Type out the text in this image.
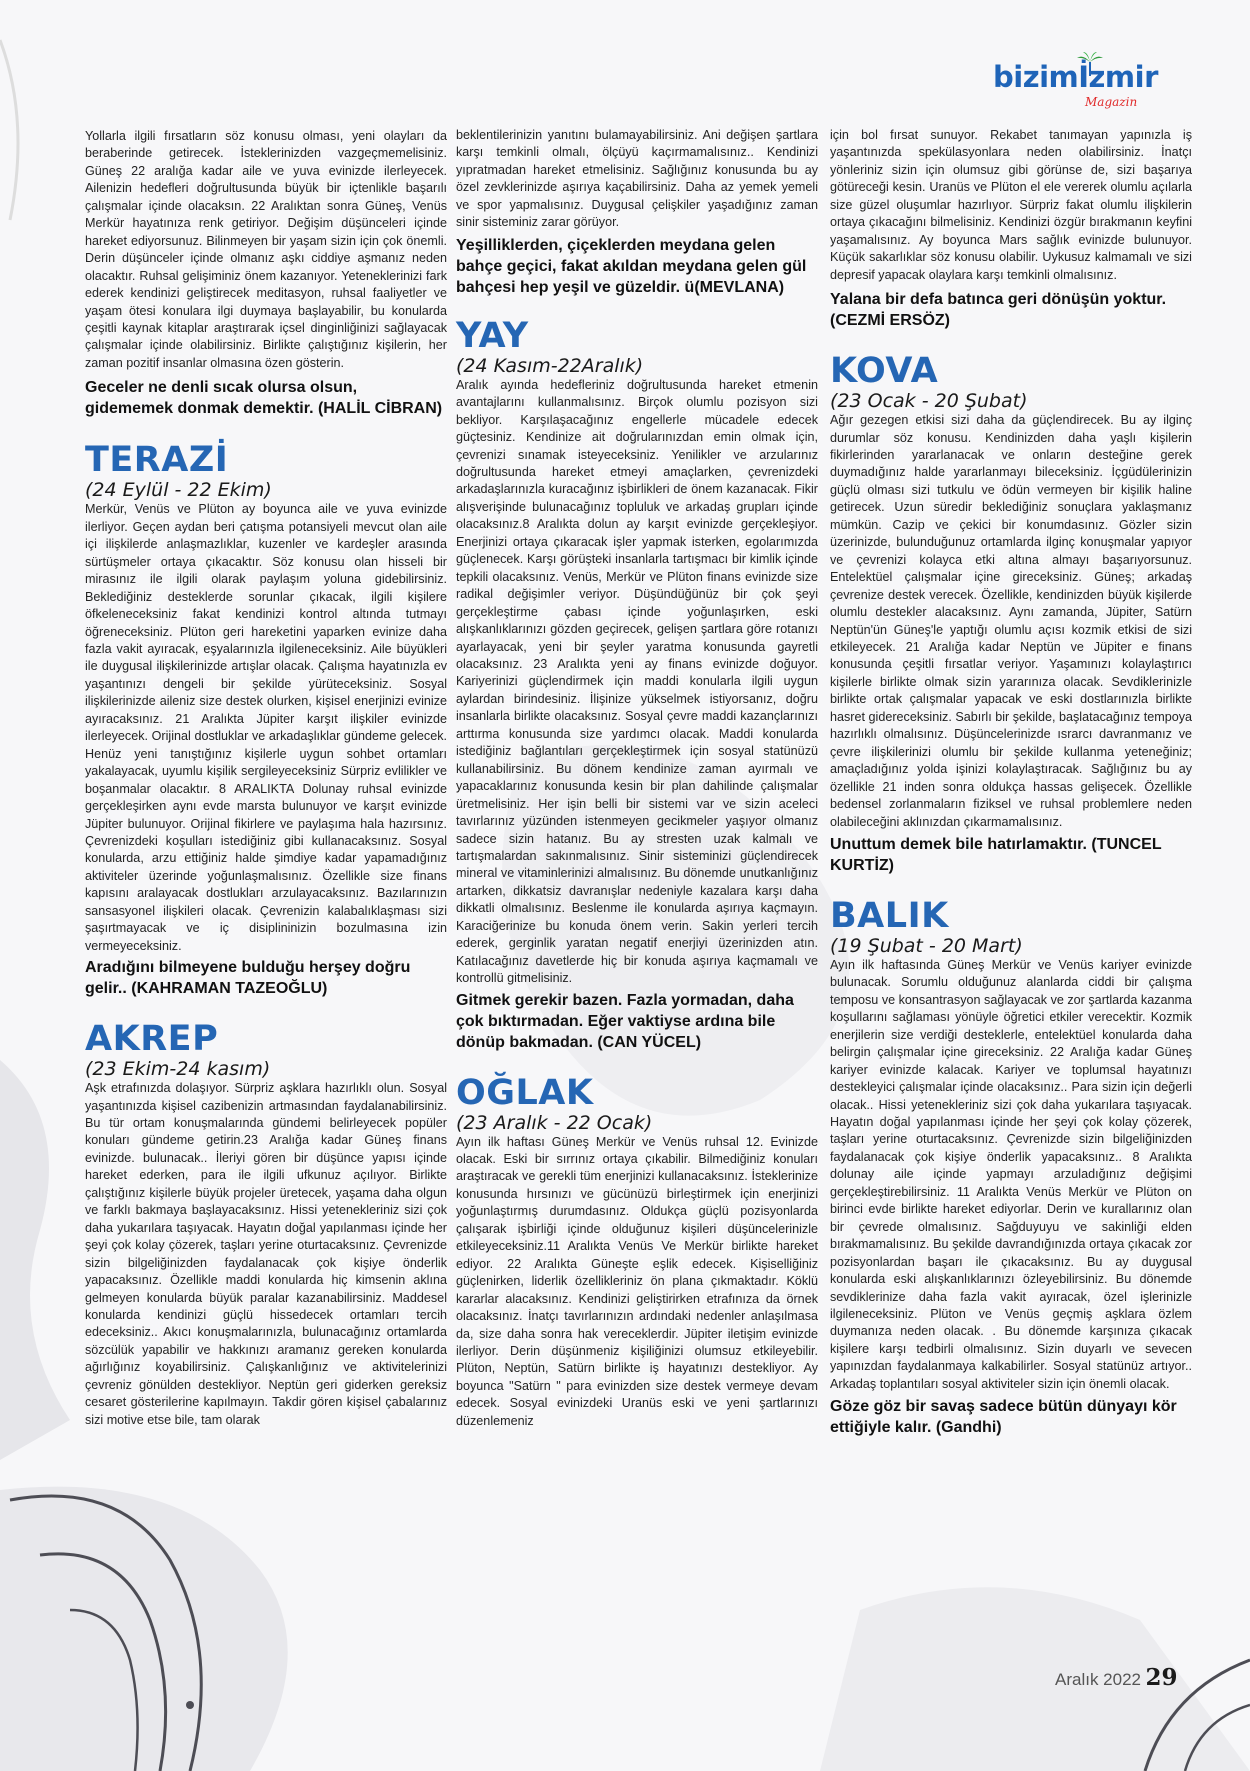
bizimİzmir
Magazin

Yollarla ilgili fırsatların söz konusu olması, yeni olayları da beraberinde getirecek. İsteklerinizden vazgeçmemelisiniz. Güneş 22 aralığa kadar aile ve yuva evinizde ilerleyecek. Ailenizin hedefleri doğrultusunda büyük bir içtenlikle başarılı çalışmalar içinde olacaksın. 22 Aralıktan sonra Güneş, Venüs Merkür hayatınıza renk getiriyor. Değişim düşünceleri içinde hareket ediyorsunuz. Bilinmeyen bir yaşam sizin için çok önemli. Derin düşünceler içinde olmanız aşkı ciddiye aşmanız neden olacaktır. Ruhsal gelişiminiz önem kazanıyor. Yeteneklerinizi fark ederek kendinizi geliştirecek meditasyon, ruhsal faaliyetler ve yaşam ötesi konulara ilgi duymaya başlayabilir, bu konularda çeşitli kaynak kitaplar araştırarak içsel dinginliğinizi sağlayacak çalışmalar içinde olabilirsiniz. Birlikte çalıştığınız kişilerin, her zaman pozitif insanlar olmasına özen gösterin.

Geceler ne denli sıcak olursa olsun, gidememek donmak demektir. (HALİL CİBRAN)

TERAZİ
(24 Eylül - 22 Ekim)

Merkür, Venüs ve Plüton ay boyunca aile ve yuva evinizde ilerliyor. Geçen aydan beri çatışma potansiyeli mevcut olan aile içi ilişkilerde anlaşmazlıklar, kuzenler ve kardeşler arasında sürtüşmeler ortaya çıkacaktır. Söz konusu olan hisseli bir mirasınız ile ilgili olarak paylaşım yoluna gidebilirsiniz. Beklediğiniz desteklerde sorunlar çıkacak, ilgili kişilere öfkeleneceksiniz fakat kendinizi kontrol altında tutmayı öğreneceksiniz. Plüton geri hareketini yaparken evinize daha fazla vakit ayıracak, eşyalarınızla ilgileneceksiniz. Aile büyükleri ile duygusal ilişkilerinizde artışlar olacak. Çalışma hayatınızla ev yaşantınızı dengeli bir şekilde yürüteceksiniz. Sosyal ilişkilerinizde aileniz size destek olurken, kişisel enerjinizi evinize ayıracaksınız. 21 Aralıkta Jüpiter karşıt ilişkiler evinizde ilerleyecek. Orijinal dostluklar ve arkadaşlıklar gündeme gelecek. Henüz yeni tanıştığınız kişilerle uygun sohbet ortamları yakalayacak, uyumlu kişilik sergileyeceksiniz Sürpriz evlilikler ve boşanmalar olacaktır. 8 ARALIKTA Dolunay ruhsal evinizde gerçekleşirken aynı evde marsta bulunuyor ve karşıt evinizde Jüpiter bulunuyor. Orijinal fikirlere ve paylaşıma hala hazırsınız. Çevrenizdeki koşulları istediğiniz gibi kullanacaksınız. Sosyal konularda, arzu ettiğiniz halde şimdiye kadar yapamadığınız aktiviteler üzerinde yoğunlaşmalısınız. Özellikle size finans kapısını aralayacak dostlukları arzulayacaksınız. Bazılarınızın sansasyonel ilişkileri olacak. Çevrenizin kalabalıklaşması sizi şaşırtmayacak ve iç disiplininizin bozulmasına izin vermeyeceksiniz.

Aradığını bilmeyene bulduğu herşey doğru gelir.. (KAHRAMAN TAZEOĞLU)

AKREP
(23 Ekim-24 kasım)

Aşk etrafınızda dolaşıyor. Sürpriz aşklara hazırlıklı olun. Sosyal yaşantınızda kişisel cazibenizin artmasından faydalanabilirsiniz. Bu tür ortam konuşmalarında gündemi belirleyecek popüler konuları gündeme getirin.23 Aralığa kadar Güneş finans evinizde. bulunacak.. İleriyi gören bir düşünce yapısı içinde hareket ederken, para ile ilgili ufkunuz açılıyor. Birlikte çalıştığınız kişilerle büyük projeler üretecek, yaşama daha olgun ve farklı bakmaya başlayacaksınız. Hissi yetenekleriniz sizi çok daha yukarılara taşıyacak. Hayatın doğal yapılanması içinde her şeyi çok kolay çözerek, taşları yerine oturtacaksınız. Çevrenizde sizin bilgeliğinizden faydalanacak çok kişiye önderlik yapacaksınız. Özellikle maddi konularda hiç kimsenin aklına gelmeyen konularda büyük paralar kazanabilirsiniz. Maddesel konularda kendinizi güçlü hissedecek ortamları tercih edeceksiniz.. Akıcı konuşmalarınızla, bulunacağınız ortamlarda sözcülük yapabilir ve hakkınızı aramanız gereken konularda ağırlığınız koyabilirsiniz. Çalışkanlığınız ve aktivitelerinizi çevreniz gönülden destekliyor. Neptün geri giderken gereksiz cesaret gösterilerine kapılmayın. Takdir gören kişisel çabalarınız sizi motive etse bile, tam olarak

beklentilerinizin yanıtını bulamayabilirsiniz. Ani değişen şartlara karşı temkinli olmalı, ölçüyü kaçırmamalısınız.. Kendinizi yıpratmadan hareket etmelisiniz. Sağlığınız konusunda bu ay özel zevklerinizde aşırıya kaçabilirsiniz. Daha az yemek yemeli ve spor yapmalısınız. Duygusal çelişkiler yaşadığınız zaman sinir sisteminiz zarar görüyor.

Yeşilliklerden, çiçeklerden meydana gelen bahçe geçici, fakat akıldan meydana gelen gül bahçesi hep yeşil ve güzeldir. ü(MEVLANA)

YAY
(24 Kasım-22Aralık)

Aralık ayında hedefleriniz doğrultusunda hareket etmenin avantajlarını kullanmalısınız. Birçok olumlu pozisyon sizi bekliyor. Karşılaşacağınız engellerle mücadele edecek güçtesiniz. Kendinize ait doğrularınızdan emin olmak için, çevrenizi sınamak isteyeceksiniz. Yenilikler ve arzularınız doğrultusunda hareket etmeyi amaçlarken, çevrenizdeki arkadaşlarınızla kuracağınız işbirlikleri de önem kazanacak. Fikir alışverişinde bulunacağınız topluluk ve arkadaş grupları içinde olacaksınız.8 Aralıkta dolun ay karşıt evinizde gerçekleşiyor. Enerjinizi ortaya çıkaracak işler yapmak isterken, egolarımızda güçlenecek. Karşı görüşteki insanlarla tartışmacı bir kimlik içinde tepkili olacaksınız. Venüs, Merkür ve Plüton finans evinizde size radikal değişimler veriyor. Düşündüğünüz bir çok şeyi gerçekleştirme çabası içinde yoğunlaşırken, eski alışkanlıklarınızı gözden geçirecek, gelişen şartlara göre rotanızı ayarlayacak, yeni bir şeyler yaratma konusunda gayretli olacaksınız. 23 Aralıkta yeni ay finans evinizde doğuyor. Kariyerinizi güçlendirmek için maddi konularla ilgili uygun aylardan birindesiniz. İlişinize yükselmek istiyorsanız, doğru insanlarla birlikte olacaksınız. Sosyal çevre maddi kazançlarınızı arttırma konusunda size yardımcı olacak. Maddi konularda istediğiniz bağlantıları gerçekleştirmek için sosyal statünüzü kullanabilirsiniz. Bu dönem kendinize zaman ayırmalı ve yapacaklarınız konusunda kesin bir plan dahilinde çalışmalar üretmelisiniz. Her işin belli bir sistemi var ve sizin aceleci tavırlarınız yüzünden istenmeyen gecikmeler yaşıyor olmanız sadece sizin hatanız. Bu ay stresten uzak kalmalı ve tartışmalardan sakınmalısınız. Sinir sisteminizi güçlendirecek mineral ve vitaminlerinizi almalısınız. Bu dönemde unutkanlığınız artarken, dikkatsiz davranışlar nedeniyle kazalara karşı daha dikkatli olmalısınız. Beslenme ile konularda aşırıya kaçmayın. Karaciğerinize bu konuda önem verin. Sakin yerleri tercih ederek, gerginlik yaratan negatif enerjiyi üzerinizden atın. Katılacağınız davetlerde hiç bir konuda aşırıya kaçmamalı ve kontrollü gitmelisiniz.

Gitmek gerekir bazen. Fazla yormadan, daha çok bıktırmadan. Eğer vaktiyse ardına bile dönüp bakmadan. (CAN YÜCEL)

OĞLAK
(23 Aralık - 22 Ocak)

Ayın ilk haftası Güneş Merkür ve Venüs ruhsal 12. Evinizde olacak. Eski bir sırrınız ortaya çıkabilir. Bilmediğiniz konuları araştıracak ve gerekli tüm enerjinizi kullanacaksınız. İsteklerinize konusunda hırsınızı ve gücünüzü birleştirmek için enerjinizi yoğunlaştırmış durumdasınız. Oldukça güçlü pozisyonlarda çalışarak işbirliği içinde olduğunuz kişileri düşüncelerinizle etkileyeceksiniz.11 Aralıkta Venüs Ve Merkür birlikte hareket ediyor. 22 Aralıkta Güneşte eşlik edecek. Kişiselliğiniz güçlenirken, liderlik özellikleriniz ön plana çıkmaktadır. Köklü kararlar alacaksınız. Kendinizi geliştirirken etrafınıza da örnek olacaksınız. İnatçı tavırlarınızın ardındaki nedenler anlaşılmasa da, size daha sonra hak vereceklerdir. Jüpiter iletişim evinizde ilerliyor. Derin düşünmeniz kişiliğinizi olumsuz etkileyebilir. Plüton, Neptün, Satürn birlikte iş hayatınızı destekliyor. Ay boyunca "Satürn " para evinizden size destek vermeye devam edecek. Sosyal evinizdeki Uranüs eski ve yeni şartlarınızı düzenlemeniz

için bol fırsat sunuyor. Rekabet tanımayan yapınızla iş yaşantınızda spekülasyonlara neden olabilirsiniz. İnatçı yönleriniz sizin için olumsuz gibi görünse de, sizi başarıya götüreceği kesin. Uranüs ve Plüton el ele vererek olumlu açılarla size güzel oluşumlar hazırlıyor. Sürpriz fakat olumlu ilişkilerin ortaya çıkacağını bilmelisiniz. Kendinizi özgür bırakmanın keyfini yaşamalısınız. Ay boyunca Mars sağlık evinizde bulunuyor. Küçük sakarlıklar söz konusu olabilir. Uykusuz kalmamalı ve sizi depresif yapacak olaylara karşı temkinli olmalısınız.

Yalana bir defa batınca geri dönüşün yoktur. (CEZMİ ERSÖZ)

KOVA
(23 Ocak - 20 Şubat)

Ağır gezegen etkisi sizi daha da güçlendirecek. Bu ay ilginç durumlar söz konusu. Kendinizden daha yaşlı kişilerin fikirlerinden yararlanacak ve onların desteğine gerek duymadığınız halde yararlanmayı bileceksiniz. İçgüdülerinizin güçlü olması sizi tutkulu ve ödün vermeyen bir kişilik haline getirecek. Uzun süredir beklediğiniz sonuçlara yaklaşmanız mümkün. Cazip ve çekici bir konumdasınız. Gözler sizin üzerinizde, bulunduğunuz ortamlarda ilginç konuşmalar yapıyor ve çevrenizi kolayca etki altına almayı başarıyorsunuz. Entelektüel çalışmalar içine gireceksiniz. Güneş; arkadaş çevrenize destek verecek. Özellikle, kendinizden büyük kişilerde olumlu destekler alacaksınız. Aynı zamanda, Jüpiter, Satürn Neptün'ün Güneş'le yaptığı olumlu açısı kozmik etkisi de sizi etkileyecek. 21 Aralığa kadar Neptün ve Jüpiter e finans konusunda çeşitli fırsatlar veriyor. Yaşamınızı kolaylaştırıcı kişilerle birlikte olmak sizin yararınıza olacak. Sevdiklerinizle birlikte ortak çalışmalar yapacak ve eski dostlarınızla birlikte hasret gidereceksiniz. Sabırlı bir şekilde, başlatacağınız tempoya hazırlıklı olmalısınız. Düşüncelerinizde ısrarcı davranmanız ve çevre ilişkilerinizi olumlu bir şekilde kullanma yeteneğiniz; amaçladığınız yolda işinizi kolaylaştıracak. Sağlığınız bu ay özellikle 21 inden sonra oldukça hassas gelişecek. Özellikle bedensel zorlanmaların fiziksel ve ruhsal problemlere neden olabileceğini aklınızdan çıkarmamalısınız.

Unuttum demek bile hatırlamaktır. (TUNCEL KURTİZ)

BALIK
(19 Şubat - 20 Mart)

Ayın ilk haftasında Güneş Merkür ve Venüs kariyer evinizde bulunacak. Sorumlu olduğunuz alanlarda ciddi bir çalışma temposu ve konsantrasyon sağlayacak ve zor şartlarda kazanma koşullarını sağlaması yönüyle öğretici etkiler verecektir. Kozmik enerjilerin size verdiği desteklerle, entelektüel konularda daha belirgin çalışmalar içine gireceksiniz. 22 Aralığa kadar Güneş kariyer evinizde kalacak. Kariyer ve toplumsal hayatınızı destekleyici çalışmalar içinde olacaksınız.. Para sizin için değerli olacak.. Hissi yetenekleriniz sizi çok daha yukarılara taşıyacak. Hayatın doğal yapılanması içinde her şeyi çok kolay çözerek, taşları yerine oturtacaksınız. Çevrenizde sizin bilgeliğinizden faydalanacak çok kişiye önderlik yapacaksınız.. 8 Aralıkta dolunay aile içinde yapmayı arzuladığınız değişimi gerçekleştirebilirsiniz. 11 Aralıkta Venüs Merkür ve Plüton on birinci evde birlikte hareket ediyorlar. Derin ve kurallarınız olan bir çevrede olmalısınız. Sağduyuyu ve sakinliği elden bırakmamalısınız. Bu şekilde davrandığınızda ortaya çıkacak zor pozisyonlardan başarı ile çıkacaksınız. Bu ay duygusal konularda eski alışkanlıklarınızı özleyebilirsiniz. Bu dönemde sevdiklerinize daha fazla vakit ayıracak, özel işlerinizle ilgileneceksiniz. Plüton ve Venüs geçmiş aşklara özlem duymanıza neden olacak. . Bu dönemde karşınıza çıkacak kişilere karşı tedbirli olmalısınız. Sizin duyarlı ve sevecen yapınızdan faydalanmaya kalkabilirler. Sosyal statünüz artıyor.. Arkadaş toplantıları sosyal aktiviteler sizin için önemli olacak.

Göze göz bir savaş sadece bütün dünyayı kör ettiğiyle kalır. (Gandhi)

Aralık 2022 29
